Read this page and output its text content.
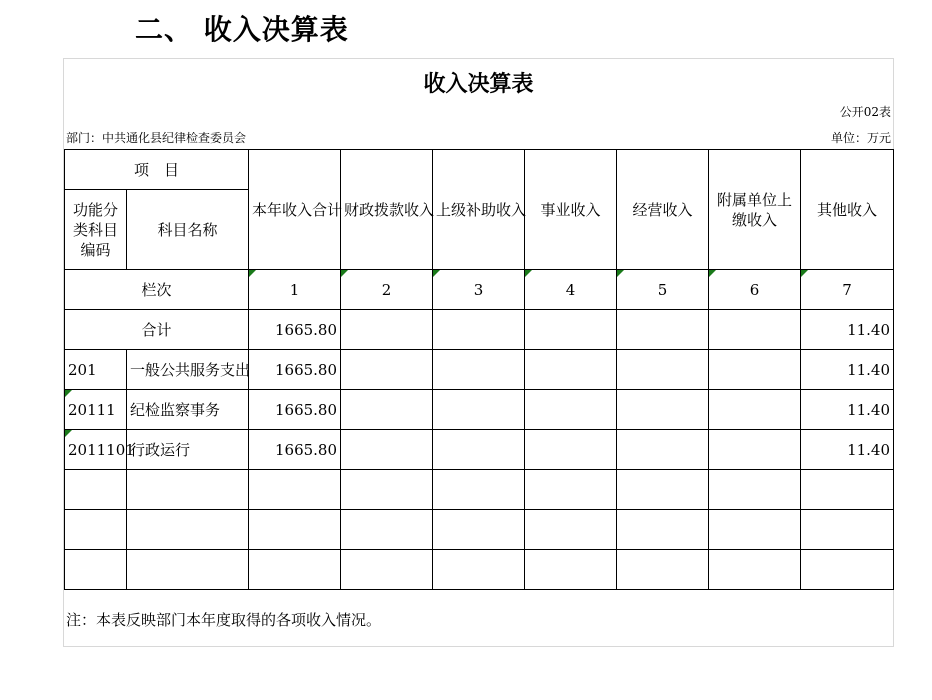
二、 收入决算表
收入决算表
公开02表
部门：中共通化县纪律检查委员会	单位：万元
项　目		本年收入合计	财政拨款收入	上级补助收入	事业收入	经营收入	附属单位上缴收入	其他收入
功能分类科目编码	科目名称							
栏次		1	2	3	4	5	6	7
合计		1665.80						11.40
201	一般公共服务支出	1665.80						11.40
20111	纪检监察事务	1665.80						11.40
2011101	行政运行	1665.80						11.40

注：本表反映部门本年度取得的各项收入情况。
